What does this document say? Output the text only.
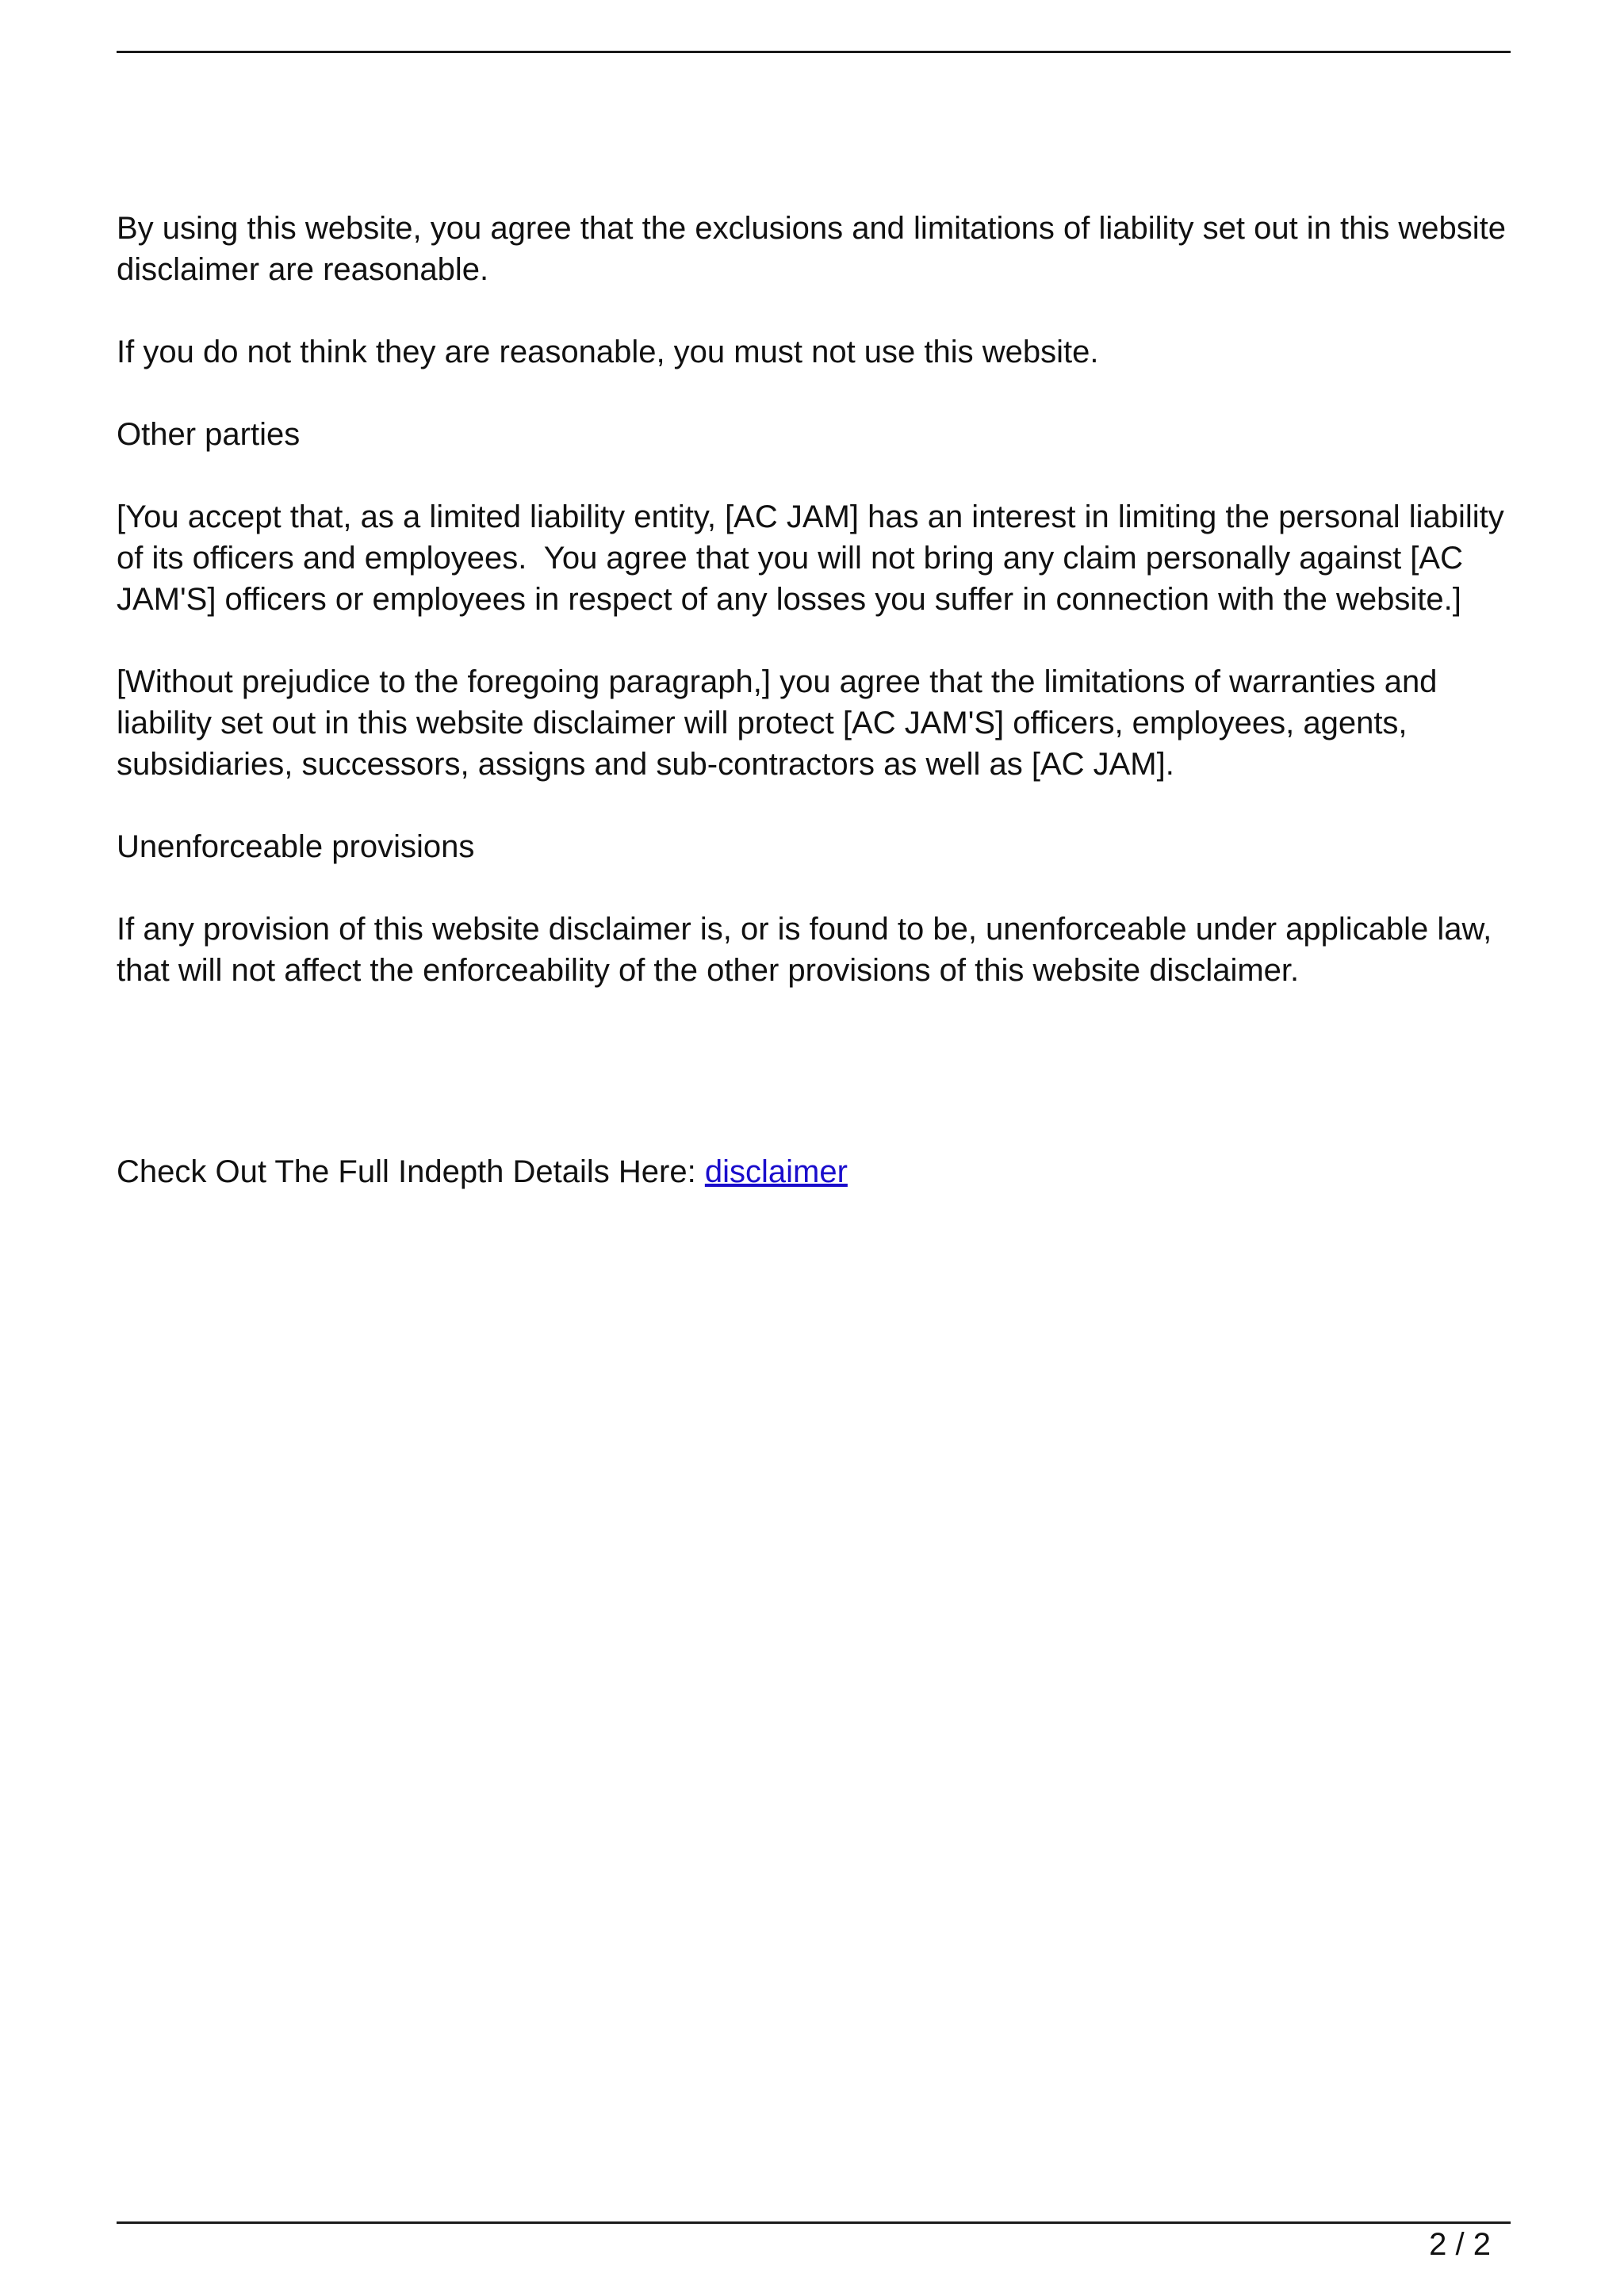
By using this website, you agree that the exclusions and limitations of liability set out in this website disclaimer are reasonable.

If you do not think they are reasonable, you must not use this website.

Other parties

[You accept that, as a limited liability entity, [AC JAM] has an interest in limiting the personal liability of its officers and employees.  You agree that you will not bring any claim personally against [AC JAM'S] officers or employees in respect of any losses you suffer in connection with the website.]

[Without prejudice to the foregoing paragraph,] you agree that the limitations of warranties and liability set out in this website disclaimer will protect [AC JAM'S] officers, employees, agents, subsidiaries, successors, assigns and sub-contractors as well as [AC JAM].

Unenforceable provisions

If any provision of this website disclaimer is, or is found to be, unenforceable under applicable law, that will not affect the enforceability of the other provisions of this website disclaimer.

Check Out The Full Indepth Details Here: disclaimer
2 / 2
